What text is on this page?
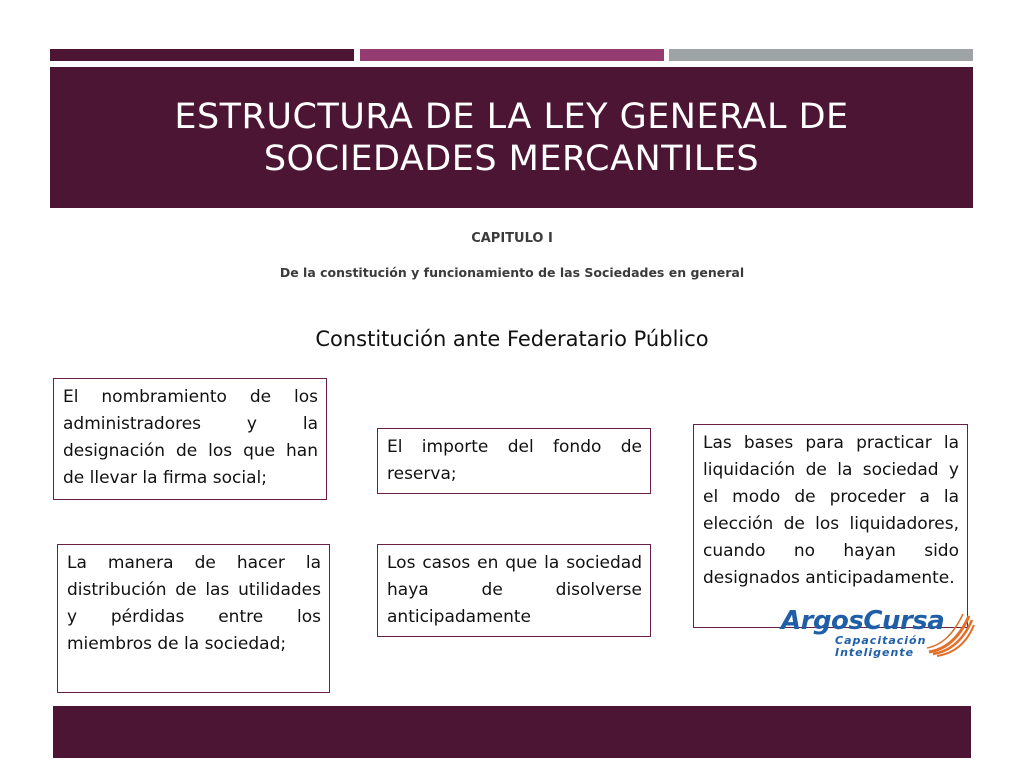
ESTRUCTURA DE LA LEY GENERAL DE
SOCIEDADES MERCANTILES
CAPITULO I
De la constitución y funcionamiento de las Sociedades en general
Constitución ante Federatario Público
El nombramiento de los administradores y la designación de los que han de llevar la firma social;
El importe del fondo de reserva;
Las bases para practicar la liquidación de la sociedad y el modo de proceder a la elección de los liquidadores, cuando no hayan sido designados anticipadamente.
La manera de hacer la distribución de las utilidades y pérdidas entre los miembros de la sociedad;
Los casos en que la sociedad haya de disolverse anticipadamente	ArgosCursa
Capacitación
Inteligente
